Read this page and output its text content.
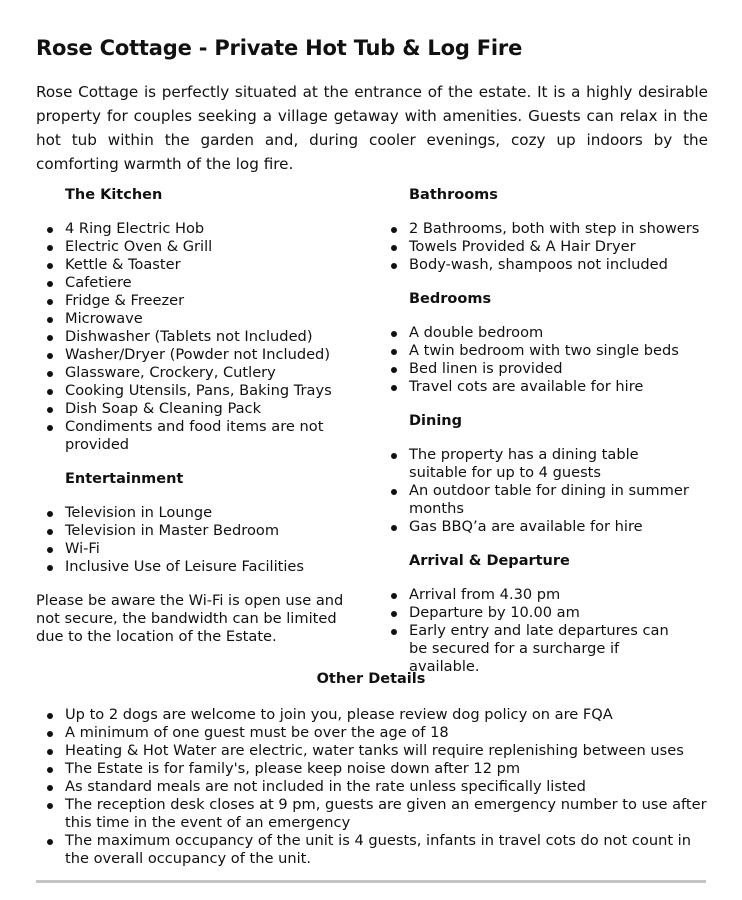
Rose Cottage - Private Hot Tub & Log Fire

Rose Cottage is perfectly situated at the entrance of the estate. It is a highly desirable property for couples seeking a village getaway with amenities. Guests can relax in the hot tub within the garden and, during cooler evenings, cozy up indoors by the comforting warmth of the log fire.

The Kitchen
4 Ring Electric Hob
Electric Oven & Grill
Kettle & Toaster
Cafetiere
Fridge & Freezer
Microwave
Dishwasher (Tablets not Included)
Washer/Dryer (Powder not Included)
Glassware, Crockery, Cutlery
Cooking Utensils, Pans, Baking Trays
Dish Soap & Cleaning Pack
Condiments and food items are not provided
Entertainment
Television in Lounge
Television in Master Bedroom
Wi-Fi
Inclusive Use of Leisure Facilities

Please be aware the Wi-Fi is open use and not secure, the bandwidth can be limited due to the location of the Estate.

Bathrooms
2 Bathrooms, both with step in showers
Towels Provided & A Hair Dryer
Body-wash, shampoos not included
Bedrooms
A double bedroom
A twin bedroom with two single beds
Bed linen is provided
Travel cots are available for hire
Dining
The property has a dining table suitable for up to 4 guests
An outdoor table for dining in summer months
Gas BBQ’a are available for hire
Arrival & Departure
Arrival from 4.30 pm
Departure by 10.00 am
Early entry and late departures can be secured for a surcharge if available.
Other Details
Up to 2 dogs are welcome to join you, please review dog policy on are FQA
A minimum of one guest must be over the age of 18
Heating & Hot Water are electric, water tanks will require replenishing between uses
The Estate is for family's, please keep noise down after 12 pm
As standard meals are not included in the rate unless specifically listed
The reception desk closes at 9 pm, guests are given an emergency number to use after this time in the event of an emergency
The maximum occupancy of the unit is 4 guests, infants in travel cots do not count in the overall occupancy of the unit.
